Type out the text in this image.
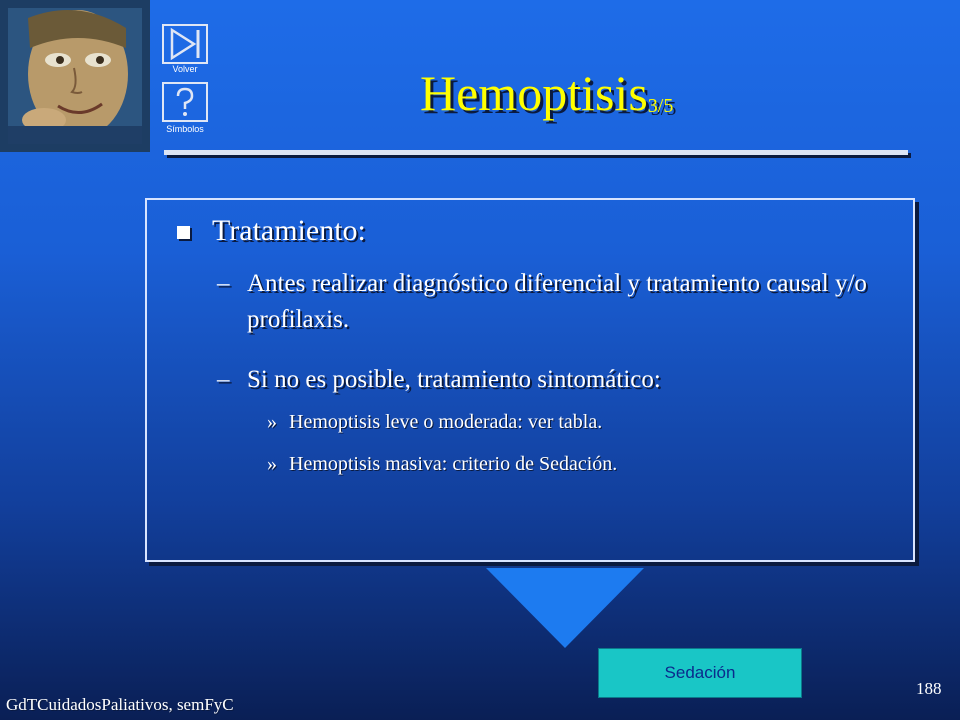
Volver
Símbolos
Hemoptisis$_{3/5}$
Tratamiento:
– Antes realizar diagnóstico diferencial y tratamiento causal y/o profilaxis.
– Si no es posible, tratamiento sintomático:
» Hemoptisis leve o moderada: ver tabla.
» Hemoptisis masiva: criterio de Sedación.
Sedación
GdTCuidadosPaliativos, semFyC
188
